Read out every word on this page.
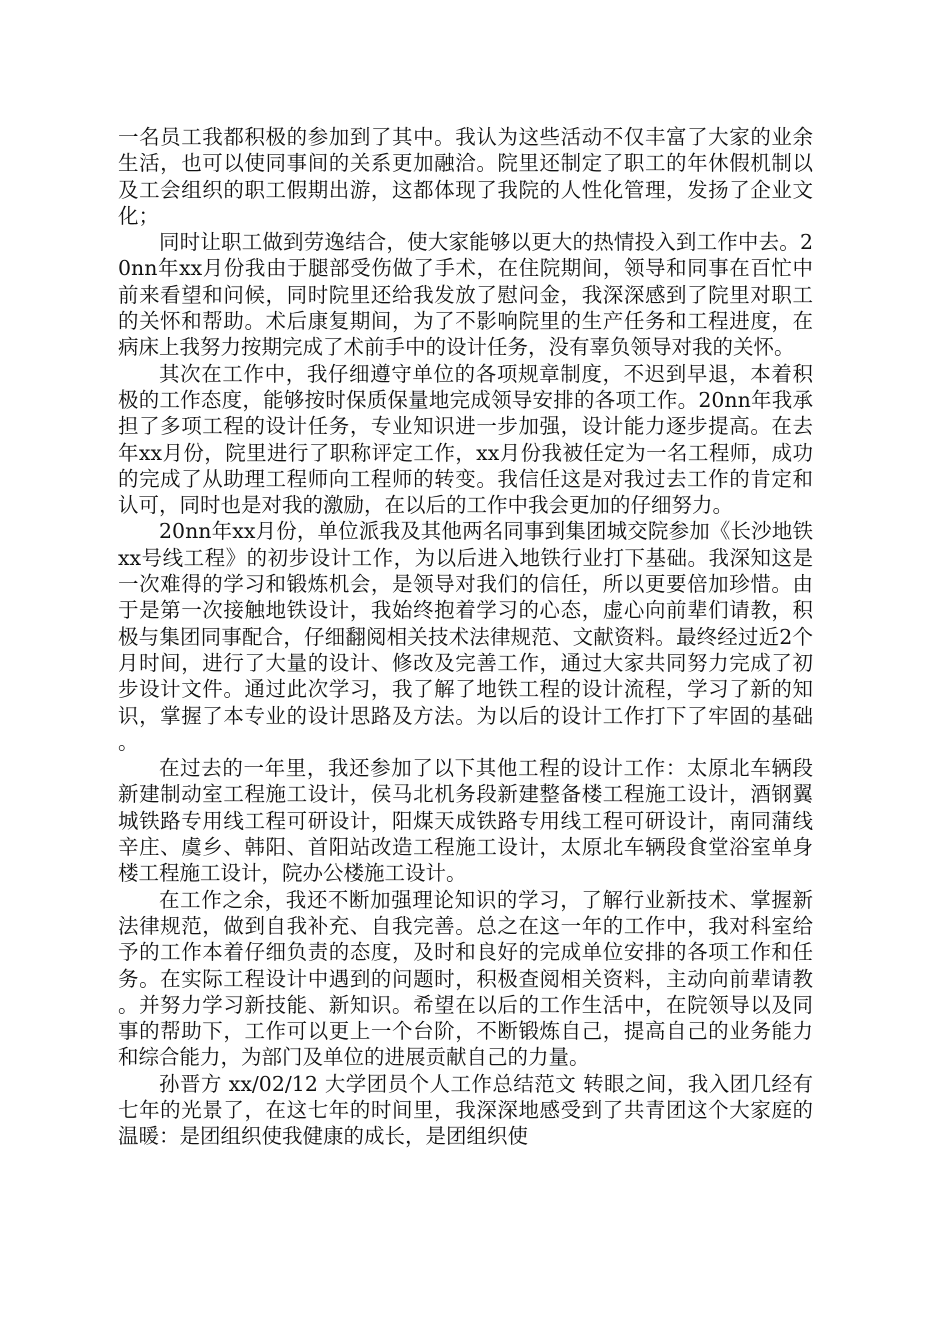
一名员工我都积极的参加到了其中。我认为这些活动不仅丰富了大家的业余生活，也可以使同事间的关系更加融洽。院里还制定了职工的年休假机制以及工会组织的职工假期出游，这都体现了我院的人性化管理，发扬了企业文化；

同时让职工做到劳逸结合，使大家能够以更大的热情投入到工作中去。20nn年xx月份我由于腿部受伤做了手术，在住院期间，领导和同事在百忙中前来看望和问候，同时院里还给我发放了慰问金，我深深感到了院里对职工的关怀和帮助。术后康复期间，为了不影响院里的生产任务和工程进度，在病床上我努力按期完成了术前手中的设计任务，没有辜负领导对我的关怀。

其次在工作中，我仔细遵守单位的各项规章制度，不迟到早退，本着积极的工作态度，能够按时保质保量地完成领导安排的各项工作。20nn年我承担了多项工程的设计任务，专业知识进一步加强，设计能力逐步提高。在去年xx月份，院里进行了职称评定工作，xx月份我被任定为一名工程师，成功的完成了从助理工程师向工程师的转变。我信任这是对我过去工作的肯定和认可，同时也是对我的激励，在以后的工作中我会更加的仔细努力。

20nn年xx月份，单位派我及其他两名同事到集团城交院参加《长沙地铁xx号线工程》的初步设计工作，为以后进入地铁行业打下基础。我深知这是一次难得的学习和锻炼机会，是领导对我们的信任，所以更要倍加珍惜。由于是第一次接触地铁设计，我始终抱着学习的心态，虚心向前辈们请教，积极与集团同事配合，仔细翻阅相关技术法律规范、文献资料。最终经过近2个月时间，进行了大量的设计、修改及完善工作，通过大家共同努力完成了初步设计文件。通过此次学习，我了解了地铁工程的设计流程，学习了新的知识，掌握了本专业的设计思路及方法。为以后的设计工作打下了牢固的基础。

在过去的一年里，我还参加了以下其他工程的设计工作：太原北车辆段新建制动室工程施工设计，侯马北机务段新建整备楼工程施工设计，酒钢翼城铁路专用线工程可研设计，阳煤天成铁路专用线工程可研设计，南同蒲线辛庄、虞乡、韩阳、首阳站改造工程施工设计，太原北车辆段食堂浴室单身楼工程施工设计，院办公楼施工设计。

在工作之余，我还不断加强理论知识的学习，了解行业新技术、掌握新法律规范，做到自我补充、自我完善。总之在这一年的工作中，我对科室给予的工作本着仔细负责的态度，及时和良好的完成单位安排的各项工作和任务。在实际工程设计中遇到的问题时，积极查阅相关资料，主动向前辈请教。并努力学习新技能、新知识。希望在以后的工作生活中，在院领导以及同事的帮助下，工作可以更上一个台阶，不断锻炼自己，提高自己的业务能力和综合能力，为部门及单位的进展贡献自己的力量。

孙晋方 xx/02/12 大学团员个人工作总结范文 转眼之间，我入团几经有七年的光景了，在这七年的时间里，我深深地感受到了共青团这个大家庭的温暖：是团组织使我健康的成长，是团组织使
